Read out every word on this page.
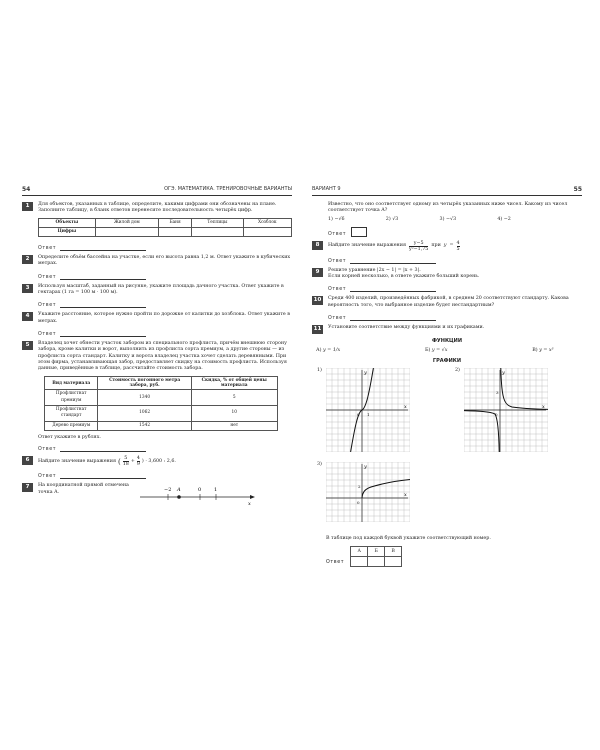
54	ОГЭ. МАТЕМАТИКА. ТРЕНИРОВОЧНЫЕ ВАРИАНТЫ
1	Для объектов, указанных в таблице, определите, какими цифрами они обозначены на плане. Заполните таблицу, в бланк ответов перенесите последовательность четырёх цифр.
Объекты	Жилой дом	Баня	Теплицы	Хозблок
Цифры				
Ответ
2	Определите объём бассейна на участке, если его высота равна 1,2 м. Ответ укажите в кубических метрах.
Ответ
3	Используя масштаб, заданный на рисунке, укажите площадь дачного участка. Ответ укажите в гектарах (1 га = 100 м · 100 м).
Ответ
4	Укажите расстояние, которое нужно пройти по дорожке от калитки до хозблока. Ответ укажите в метрах.
Ответ
5	Владелец хочет обнести участок забором из специального профлиста, причём внешнюю сторону забора, кроме калитки и ворот, выполнить из профлиста сорта премиум, а другие стороны — из профлиста сорта стандарт. Калитку и ворота владелец участка хочет сделать деревянными. При этом фирма, устанавливающая забор, предоставляет скидку на стоимость профлиста. Используя данные, приведённые в таблице, рассчитайте стоимость забора.
Вид материала	Стоимость погонного метра забора, руб.	Скидка, % от общей цены материала
Профлистнат премиум	1340	5
Профлистнат стандарт	1062	10
Дерево премиум	1542	нет
Ответ укажите в рублях.
Ответ
6	Найдите значение выражения ( $\frac{5}{18} + \frac{4}{9}$ ) · 3,600 : 2,6.
Ответ
7	На координатной прямой отмечена точка A.	−2 A	0	1
x
ВАРИАНТ 9	55
Известно, что оно соответствует одному из четырёх указанных ниже чисел. Какому из чисел соответствует точка A?
1) −√6	2) √3	3) −√3	4) −2
Ответ
8	Найдите значение выражения $\frac{y-5}{\text{y²−1,75}}$ при $y = \frac{4}{5}$
Ответ
9	Решите уравнение |2x − 1| = |x + 3|.
Если корней несколько, в ответе укажите больший корень.
Ответ
10	Среди 400 изделий, произведённых фабрикой, в среднем 20 соответствуют стандарту. Какова вероятность того, что выбранное изделие будет нестандартным?
Ответ
11	Установите соответствие между функциями и их графиками.
ФУНКЦИИ
А) y = 1/x	Б) y = √x	В) y = x³
ГРАФИКИ
1)
x
y
0 1
2)
x
y
0
3
3)
x
y
0
2
В таблице под каждой буквой укажите соответствующий номер.
Ответ
А	Б	В
